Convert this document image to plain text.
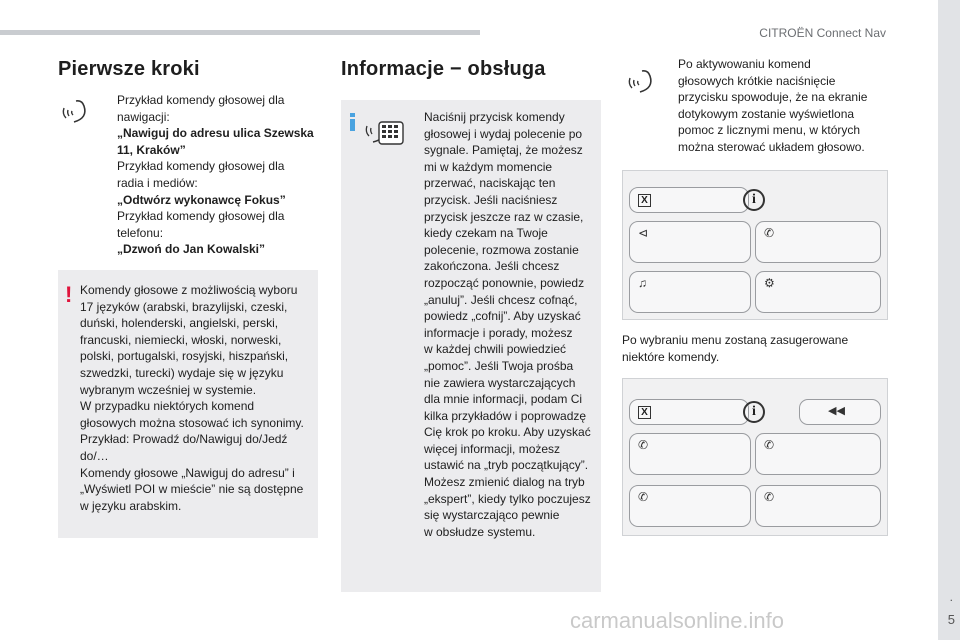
CITROËN Connect Nav
.
5
Pierwsze kroki
Przykład komendy głosowej dla
nawigacji:
„Nawiguj do adresu ulica Szewska
11, Kraków”
Przykład komendy głosowej dla
radia i mediów:
„Odtwórz wykonawcę Fokus”
Przykład komendy głosowej dla
telefonu:
„Dzwoń do Jan Kowalski”
! Komendy głosowe z możliwością wyboru
17 języków (arabski, brazylijski, czeski,
duński, holenderski, angielski, perski,
francuski, niemiecki, włoski, norweski,
polski, portugalski, rosyjski, hiszpański,
szwedzki, turecki) wydaje się w języku
wybranym wcześniej w systemie.
W przypadku niektórych komend
głosowych można stosować ich synonimy.
Przykład: Prowadź do/Nawiguj do/Jedź
do/…
Komendy głosowe „Nawiguj do adresu” i
„Wyświetl POI w mieście” nie są dostępne
w języku arabskim.
Informacje − obsługa
Naciśnij przycisk komendy
głosowej i wydaj polecenie po
sygnale. Pamiętaj, że możesz
mi w każdym momencie
przerwać, naciskając ten
przycisk. Jeśli naciśniesz
przycisk jeszcze raz w czasie,
kiedy czekam na Twoje
polecenie, rozmowa zostanie
zakończona. Jeśli chcesz
rozpocząć ponownie, powiedz
„anuluj”. Jeśli chcesz cofnąć,
powiedz „cofnij”. Aby uzyskać
informacje i porady, możesz
w każdej chwili powiedzieć
„pomoc”. Jeśli Twoja prośba
nie zawiera wystarczających
dla mnie informacji, podam Ci
kilka przykładów i poprowadzę
Cię krok po kroku. Aby uzyskać
więcej informacji, możesz
ustawić na „tryb początkujący”.
Możesz zmienić dialog na tryb
„ekspert”, kiedy tylko poczujesz
się wystarczająco pewnie
w obsłudze systemu.
Po aktywowaniu komend
głosowych krótkie naciśnięcie
przycisku spowoduje, że na ekranie
dotykowym zostanie wyświetlona
pomoc z licznymi menu, w których
można sterować układem głosowo.
X	i
⊲	✆
♫	⚙
Po wybraniu menu zostaną zasugerowane
niektóre komendy.
X	i	◀◀
✆	✆
✆	✆
carmanualsonline.info
